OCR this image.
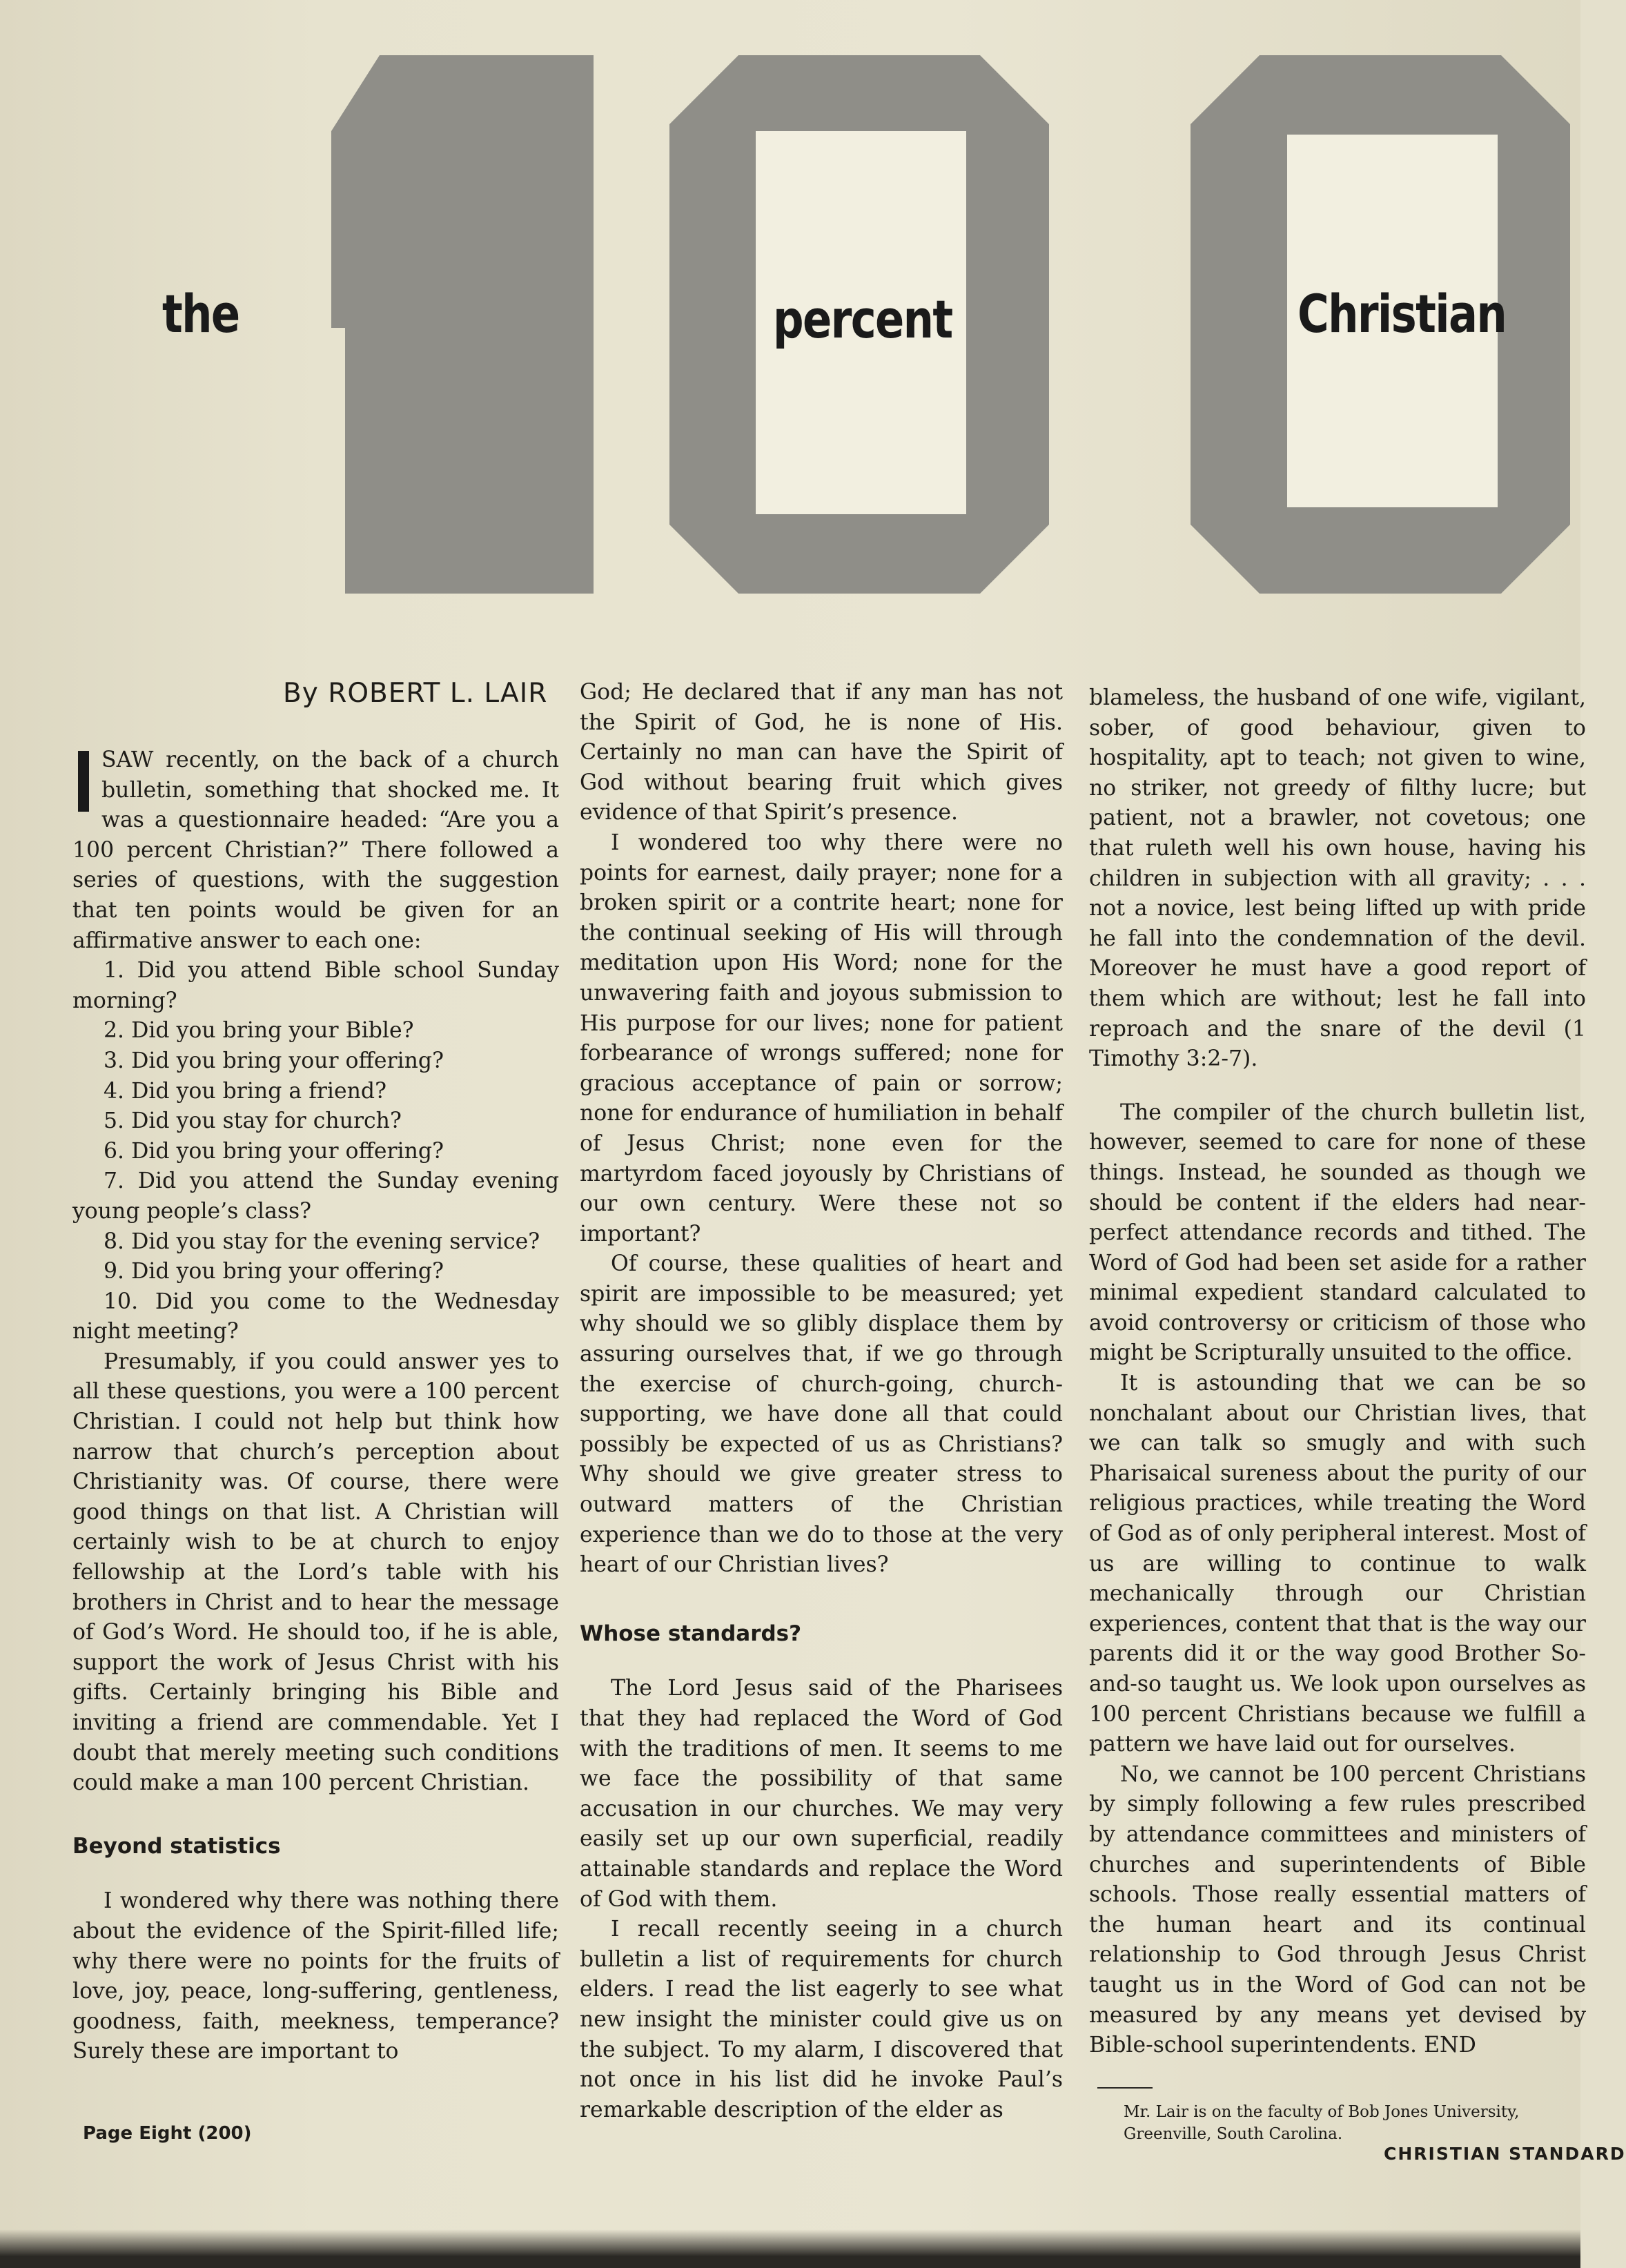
the	percent	Christian

By ROBERT L. LAIR

SAW recently, on the back of a church bulletin, something that shocked me. It was a questionnaire headed: “Are you a 100 percent Christian?” There followed a series of questions, with the suggestion that ten points would be given for an affirmative answer to each one:

1. Did you attend Bible school Sunday morning?
2. Did you bring your Bible?
3. Did you bring your offering?
4. Did you bring a friend?
5. Did you stay for church?
6. Did you bring your offering?
7. Did you attend the Sunday evening young people’s class?
8. Did you stay for the evening service?
9. Did you bring your offering?
10. Did you come to the Wednesday night meeting?

Presumably, if you could answer yes to all these questions, you were a 100 percent Christian. I could not help but think how narrow that church’s perception about Christianity was. Of course, there were good things on that list. A Christian will certainly wish to be at church to enjoy fellowship at the Lord’s table with his brothers in Christ and to hear the message of God’s Word. He should too, if he is able, support the work of Jesus Christ with his gifts. Certainly bringing his Bible and inviting a friend are commendable. Yet I doubt that merely meeting such conditions could make a man 100 percent Christian.

Beyond statistics

I wondered why there was nothing there about the evidence of the Spirit-filled life; why there were no points for the fruits of love, joy, peace, long-suffering, gentleness, goodness, faith, meekness, temperance? Surely these are important to

God; He declared that if any man has not the Spirit of God, he is none of His. Certainly no man can have the Spirit of God without bearing fruit which gives evidence of that Spirit’s presence.

I wondered too why there were no points for earnest, daily prayer; none for a broken spirit or a contrite heart; none for the continual seeking of His will through meditation upon His Word; none for the unwavering faith and joyous submission to His purpose for our lives; none for patient forbearance of wrongs suffered; none for gracious acceptance of pain or sorrow; none for endurance of humiliation in behalf of Jesus Christ; none even for the martyrdom faced joyously by Christians of our own century. Were these not so important?

Of course, these qualities of heart and spirit are impossible to be measured; yet why should we so glibly displace them by assuring ourselves that, if we go through the exercise of church-going, church-supporting, we have done all that could possibly be expected of us as Christians? Why should we give greater stress to outward matters of the Christian experience than we do to those at the very heart of our Christian lives?

Whose standards?

The Lord Jesus said of the Pharisees that they had replaced the Word of God with the traditions of men. It seems to me we face the possibility of that same accusation in our churches. We may very easily set up our own superficial, readily attainable standards and replace the Word of God with them.

I recall recently seeing in a church bulletin a list of requirements for church elders. I read the list eagerly to see what new insight the minister could give us on the subject. To my alarm, I discovered that not once in his list did he invoke Paul’s remarkable description of the elder as

blameless, the husband of one wife, vigilant, sober, of good behaviour, given to hospitality, apt to teach; not given to wine, no striker, not greedy of filthy lucre; but patient, not a brawler, not covetous; one that ruleth well his own house, having his children in subjection with all gravity; . . . not a novice, lest being lifted up with pride he fall into the condemnation of the devil. Moreover he must have a good report of them which are without; lest he fall into reproach and the snare of the devil (1 Timothy 3:2-7).

The compiler of the church bulletin list, however, seemed to care for none of these things. Instead, he sounded as though we should be content if the elders had near-perfect attendance records and tithed. The Word of God had been set aside for a rather minimal expedient standard calculated to avoid controversy or criticism of those who might be Scripturally unsuited to the office.

It is astounding that we can be so nonchalant about our Christian lives, that we can talk so smugly and with such Pharisaical sureness about the purity of our religious practices, while treating the Word of God as of only peripheral interest. Most of us are willing to continue to walk mechanically through our Christian experiences, content that that is the way our parents did it or the way good Brother So-and-so taught us. We look upon ourselves as 100 percent Christians because we fulfill a pattern we have laid out for ourselves.

No, we cannot be 100 percent Christians by simply following a few rules prescribed by attendance committees and ministers of churches and superintendents of Bible schools. Those really essential matters of the human heart and its continual relationship to God through Jesus Christ taught us in the Word of God can not be measured by any means yet devised by Bible-school superintendents. END

Mr. Lair is on the faculty of Bob Jones University, Greenville, South Carolina.

Page Eight (200)

CHRISTIAN STANDARD
